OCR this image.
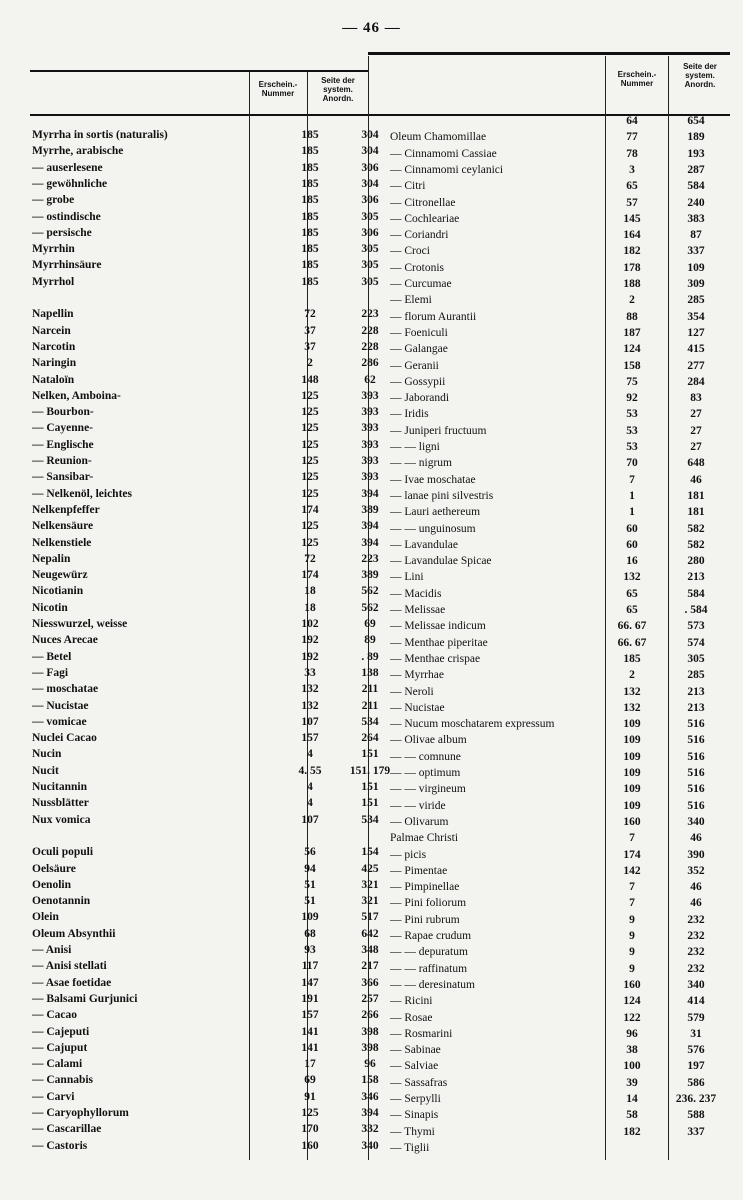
— 46 —
Erschein.-
Nummer
Seite der
system.
Anordn.
Erschein.-
Nummer
Seite der
system.
Anordn.
Myrrha in sortis (naturalis)	185	304
Myrrhe, arabische	185	304
— auserlesene	185	306
— gewöhnliche	185	304
— grobe	185	306
— ostindische	185	305
— persische	185	306
Myrrhin	185	305
Myrrhinsäure	185	305
Myrrhol	185	305
Napellin	72	223
Narcein	37	228
Narcotin	37	228
Naringin	2	286
Nataloïn	148	62
Nelken, Amboina-	125	393
— Bourbon-	125	393
— Cayenne-	125	393
— Englische	125	393
— Reunion-	125	393
— Sansibar-	125	393
— Nelkenöl, leichtes	125	394
Nelkenpfeffer	174	389
Nelkensäure	125	394
Nelkenstiele	125	394
Nepalin	72	223
Neugewürz	174	389
Nicotianin	18	562
Nicotin	18	562
Niesswurzel, weisse	102	69
Nuces Arecae	192	89
— Betel	192	. 89
— Fagi	33	138
— moschatae	132	211
— Nucistae	132	211
— vomicae	107	534
Nuclei Cacao	157	264
Nucin	4	151
Nucit	4. 55	151. 179
Nucitannin	4	151
Nussblätter	4	151
Nux vomica	107	534
Oculi populi	56	154
Oelsäure	94	425
Oenolin	51	321
Oenotannin	51	321
Olein	109	517
Oleum Absynthii	68	642
— Anisi	93	348
— Anisi stellati	117	217
— Asae foetidae	147	366
— Balsami Gurjunici	191	257
— Cacao	157	266
— Cajeputi	141	398
— Cajuput	141	398
— Calami	17	96
— Cannabis	69	158
— Carvi	91	346
— Caryophyllorum	125	394
— Cascarillae	170	332
— Castoris	160	340
64	654
Oleum Chamomillae	77	189
— Cinnamomi Cassiae	78	193
— Cinnamomi ceylanici	3	287
— Citri	65	584
— Citronellae	57	240
— Cochleariae	145	383
— Coriandri	164	87
— Croci	182	337
— Crotonis	178	109
— Curcumae	188	309
— Elemi	2	285
— florum Aurantii	88	354
— Foeniculi	187	127
— Galangae	124	415
— Geranii	158	277
— Gossypii	75	284
— Jaborandi	92	83
— Iridis	53	27
— Juniperi fructuum	53	27
— — ligni	53	27
— — nigrum	70	648
— Ivae moschatae	7	46
— lanae pini silvestris	1	181
— Lauri aethereum	1	181
— — unguinosum	60	582
— Lavandulae	60	582
— Lavandulae Spicae	16	280
— Lini	132	213
— Macidis	65	584
— Melissae	65	. 584
— Melissae indicum	66. 67	573
— Menthae piperitae	66. 67	574
— Menthae crispae	185	305
— Myrrhae	2	285
— Neroli	132	213
— Nucistae	132	213
— Nucum moschatarem expressum	109	516
— Olivae album	109	516
— — comnune	109	516
— — optimum	109	516
— — virgineum	109	516
— — viride	109	516
— Olivarum	160	340
Palmae Christi	7	46
— picis	174	390
— Pimentae	142	352
— Pimpinellae	7	46
— Pini foliorum	7	46
— Pini rubrum	9	232
— Rapae crudum	9	232
— — depuratum	9	232
— — raffinatum	9	232
— — deresinatum	160	340
— Ricini	124	414
— Rosae	122	579
— Rosmarini	96	31
— Sabinae	38	576
— Salviae	100	197
— Sassafras	39	586
— Serpylli	14	236. 237
— Sinapis	58	588
— Thymi	182	337
— Tiglii
